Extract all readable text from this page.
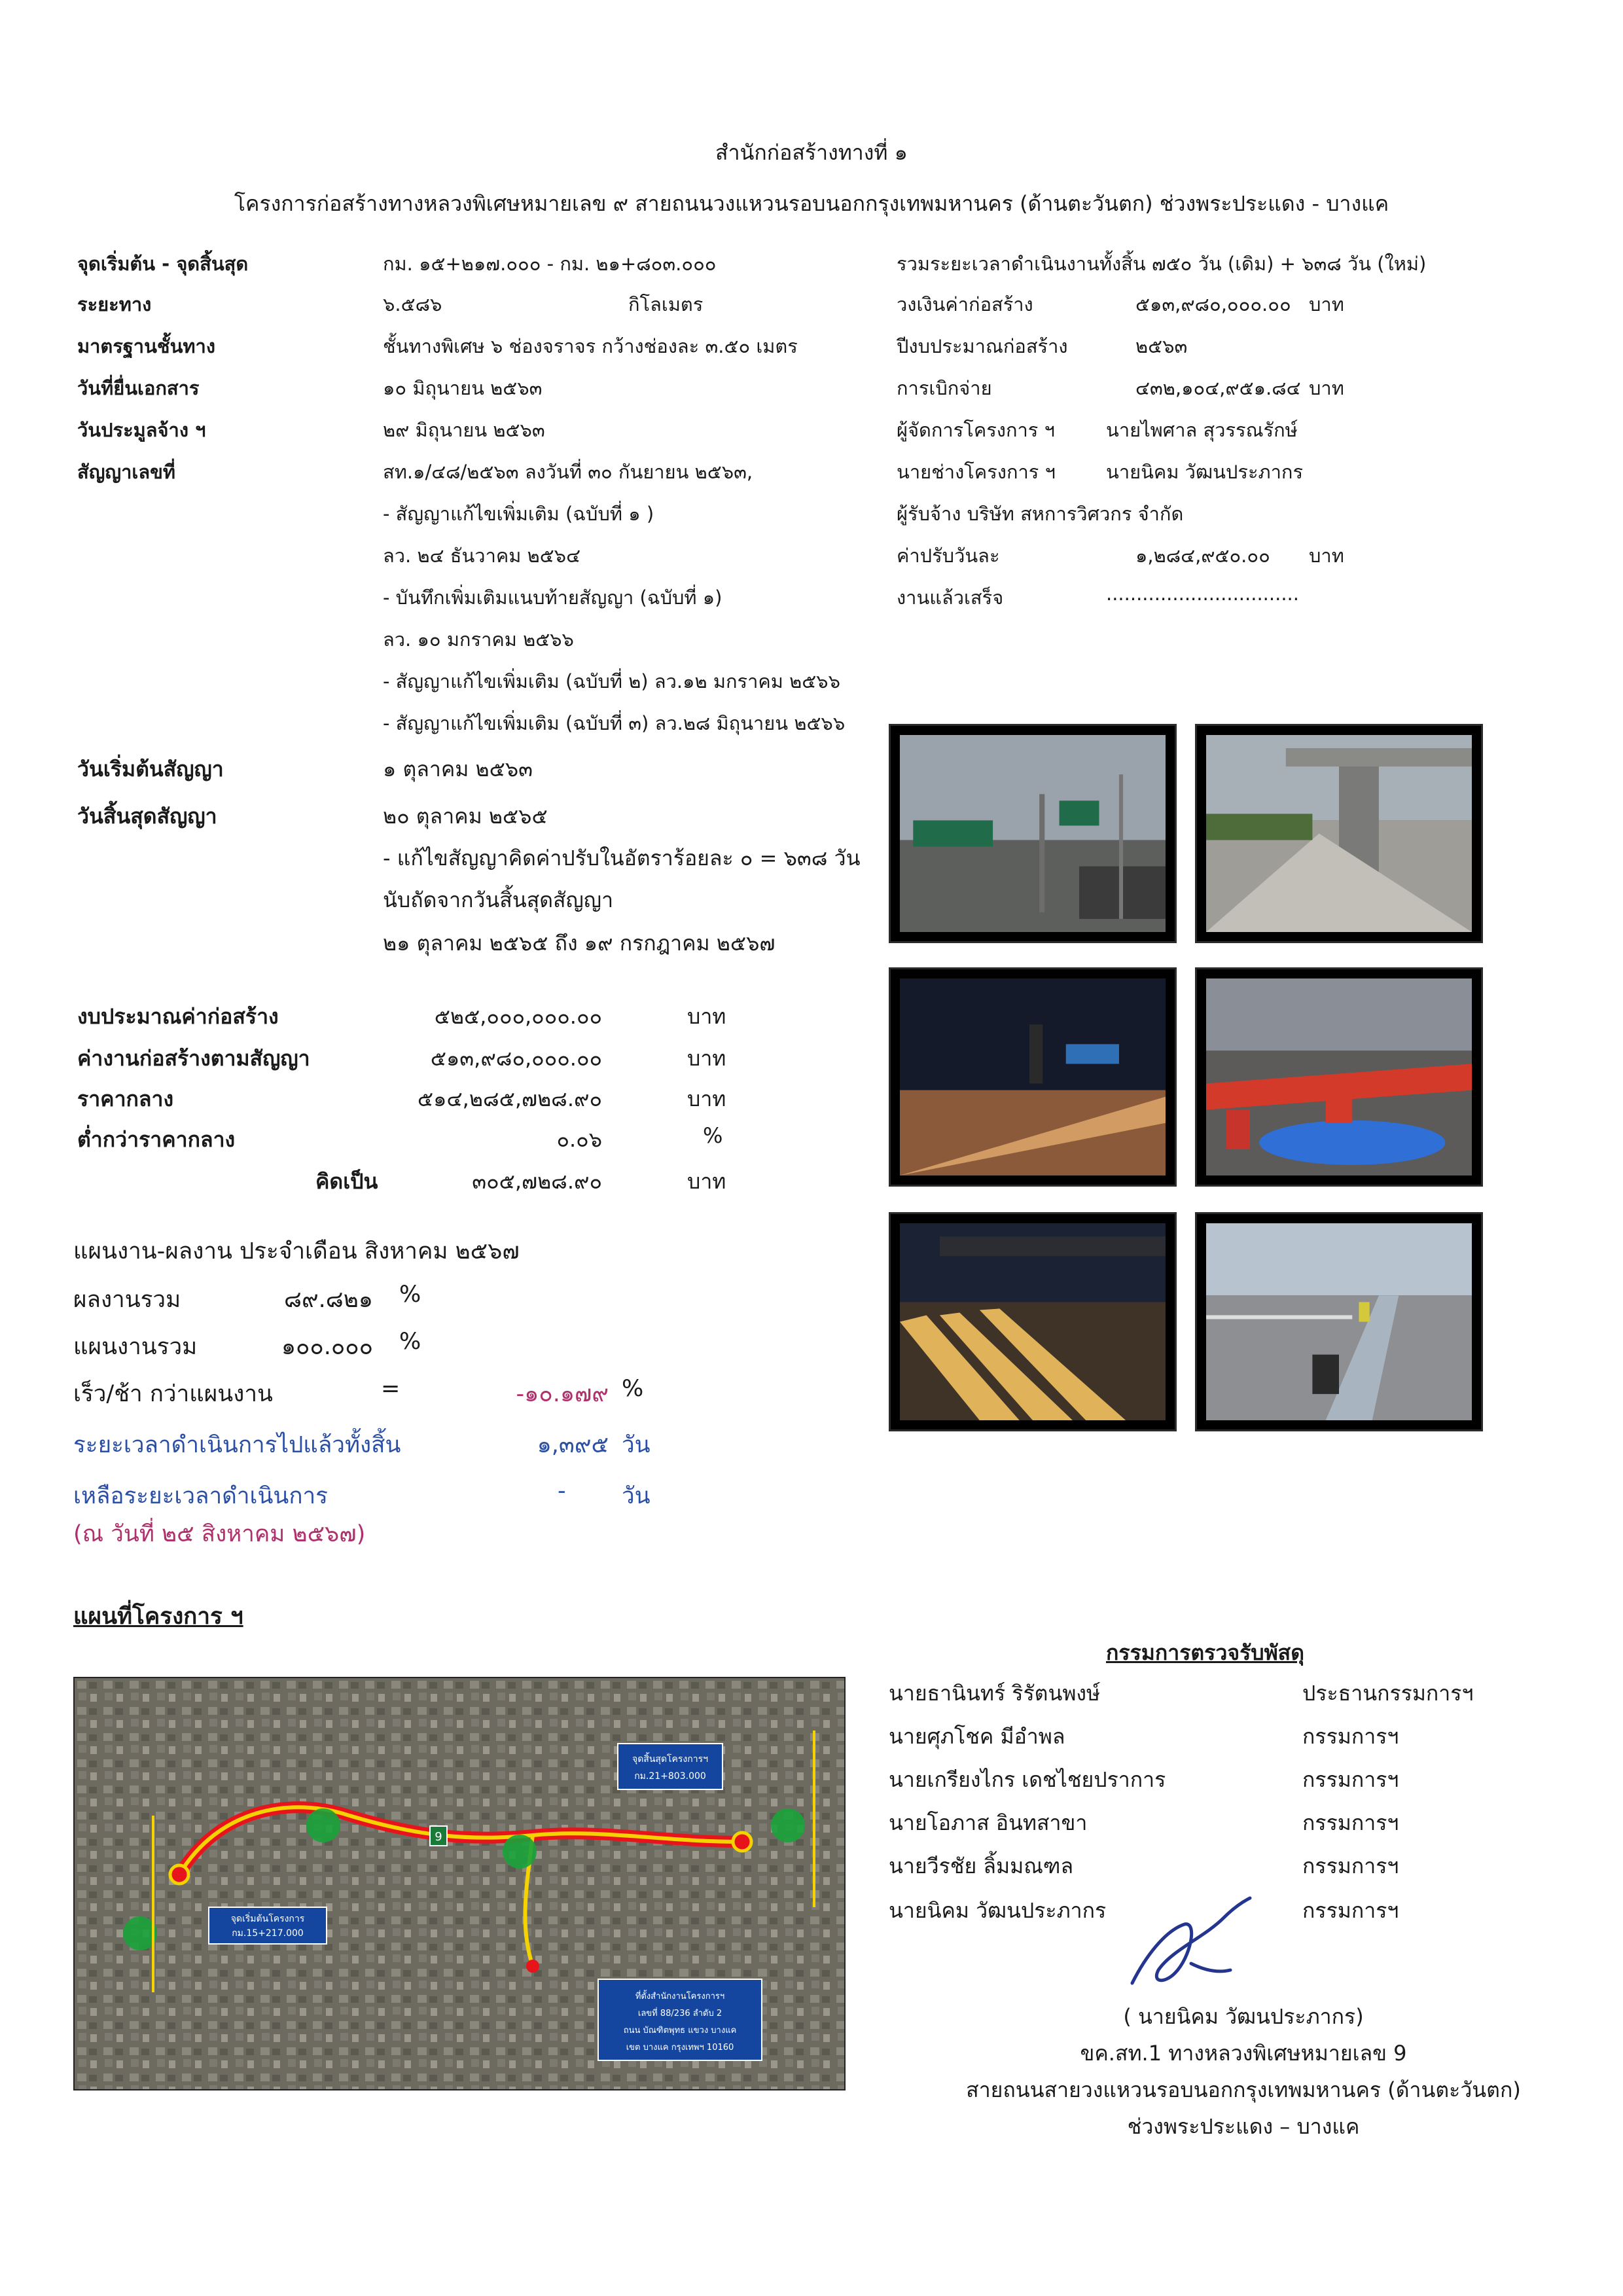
สำนักก่อสร้างทางที่ ๑
โครงการก่อสร้างทางหลวงพิเศษหมายเลข ๙ สายถนนวงแหวนรอบนอกกรุงเทพมหานคร (ด้านตะวันตก) ช่วงพระประแดง - บางแค
จุดเริ่มต้น - จุดสิ้นสุด	กม. ๑๕+๒๑๗.๐๐๐ - กม. ๒๑+๘๐๓.๐๐๐
ระยะทาง	๖.๕๘๖	กิโลเมตร
มาตรฐานชั้นทาง	ชั้นทางพิเศษ ๖ ช่องจราจร กว้างช่องละ ๓.๕๐ เมตร
วันที่ยื่นเอกสาร	๑๐ มิถุนายน ๒๕๖๓
วันประมูลจ้าง ฯ	๒๙ มิถุนายน ๒๕๖๓
สัญญาเลขที่	สท.๑/๔๘/๒๕๖๓ ลงวันที่ ๓๐ กันยายน ๒๕๖๓,
- สัญญาแก้ไขเพิ่มเติม (ฉบับที่ ๑ )
ลว. ๒๔ ธันวาคม ๒๕๖๔
- บันทึกเพิ่มเติมแนบท้ายสัญญา (ฉบับที่ ๑)
ลว. ๑๐ มกราคม ๒๕๖๖
- สัญญาแก้ไขเพิ่มเติม (ฉบับที่ ๒) ลว.๑๒ มกราคม ๒๕๖๖
- สัญญาแก้ไขเพิ่มเติม (ฉบับที่ ๓) ลว.๒๘ มิถุนายน ๒๕๖๖
รวมระยะเวลาดำเนินงานทั้งสิ้น ๗๕๐ วัน (เดิม) + ๖๓๘ วัน (ใหม่)
วงเงินค่าก่อสร้าง	๕๑๓,๙๘๐,๐๐๐.๐๐ บาท
ปีงบประมาณก่อสร้าง	๒๕๖๓
การเบิกจ่าย	๔๓๒,๑๐๔,๙๕๑.๘๔ บาท
ผู้จัดการโครงการ ฯ	นายไพศาล สุวรรณรักษ์
นายช่างโครงการ ฯ	นายนิคม วัฒนประภากร
ผู้รับจ้าง บริษัท สหการวิศวกร จำกัด
ค่าปรับวันละ	๑,๒๘๔,๙๕๐.๐๐ บาท
งานแล้วเสร็จ	................................
วันเริ่มต้นสัญญา	๑ ตุลาคม ๒๕๖๓
วันสิ้นสุดสัญญา	๒๐ ตุลาคม ๒๕๖๕
- แก้ไขสัญญาคิดค่าปรับในอัตราร้อยละ ๐ = ๖๓๘ วัน
นับถัดจากวันสิ้นสุดสัญญา
๒๑ ตุลาคม ๒๕๖๕ ถึง ๑๙ กรกฎาคม ๒๕๖๗
งบประมาณค่าก่อสร้าง	๕๒๕,๐๐๐,๐๐๐.๐๐	บาท
ค่างานก่อสร้างตามสัญญา	๕๑๓,๙๘๐,๐๐๐.๐๐	บาท
ราคากลาง	๕๑๔,๒๘๕,๗๒๘.๙๐	บาท
ต่ำกว่าราคากลาง	๐.๐๖	%
คิดเป็น	๓๐๕,๗๒๘.๙๐	บาท
แผนงาน-ผลงาน ประจำเดือน สิงหาคม ๒๕๖๗
ผลงานรวม	๘๙.๘๒๑ %
แผนงานรวม	๑๐๐.๐๐๐ %
เร็ว/ช้า กว่าแผนงาน	=	-๑๐.๑๗๙ %
ระยะเวลาดำเนินการไปแล้วทั้งสิ้น	๑,๓๙๕ วัน
เหลือระยะเวลาดำเนินการ	- วัน
(ณ วันที่ ๒๕ สิงหาคม ๒๕๖๗)
แผนที่โครงการ ฯ
9
จุดเริ่มต้นโครงการ
กม.15+217.000
จุดสิ้นสุดโครงการฯ
กม.21+803.000
ที่ตั้งสำนักงานโครงการฯ
เลขที่ 88/236 ลำดับ 2
ถนน บัณฑิตพุทธ แขวง บางแค
เขต บางแค กรุงเทพฯ 10160
กรรมการตรวจรับพัสดุ
นายธานินทร์ ริรัตนพงษ์	ประธานกรรมการฯ
นายศุภโชค มีอำพล	กรรมการฯ
นายเกรียงไกร เดชไชยปราการ	กรรมการฯ
นายโอภาส อินทสาขา	กรรมการฯ
นายวีรชัย ลิ้มมณฑล	กรรมการฯ
นายนิคม วัฒนประภากร	กรรมการฯ
( นายนิคม วัฒนประภากร)
ขค.สท.1 ทางหลวงพิเศษหมายเลข 9
สายถนนสายวงแหวนรอบนอกกรุงเทพมหานคร (ด้านตะวันตก)
ช่วงพระประแดง – บางแค
